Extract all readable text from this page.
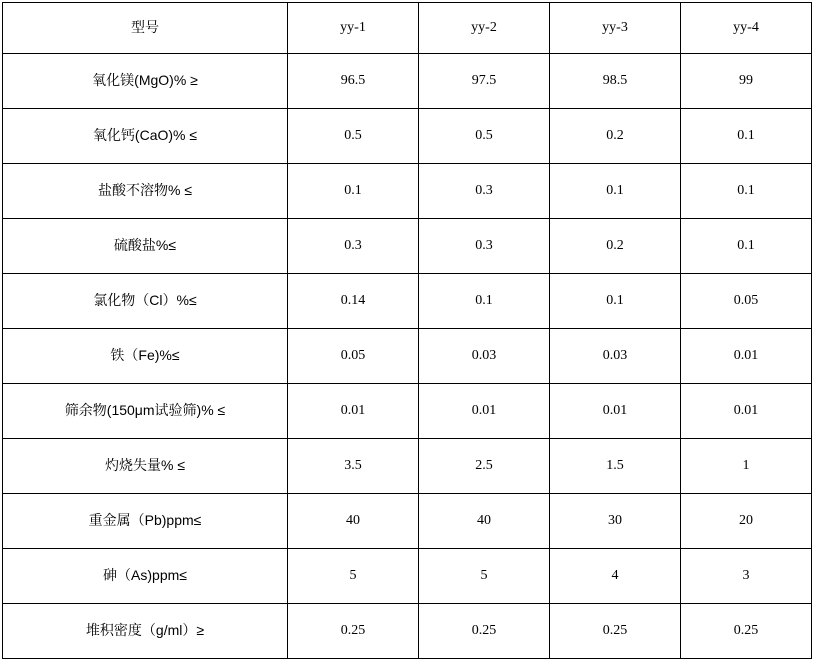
型号	yy-1	yy-2	yy-3	yy-4
氧化镁(MgO)% ≥	96.5	97.5	98.5	99
氧化钙(CaO)% ≤	0.5	0.5	0.2	0.1
盐酸不溶物% ≤	0.1	0.3	0.1	0.1
硫酸盐%≤	0.3	0.3	0.2	0.1
氯化物（Cl）%≤	0.14	0.1	0.1	0.05
铁（Fe)%≤	0.05	0.03	0.03	0.01
筛余物(150μm试验筛)% ≤	0.01	0.01	0.01	0.01
灼烧失量% ≤	3.5	2.5	1.5	1
重金属（Pb)ppm≤	40	40	30	20
砷（As)ppm≤	5	5	4	3
堆积密度（g/ml）≥	0.25	0.25	0.25	0.25
